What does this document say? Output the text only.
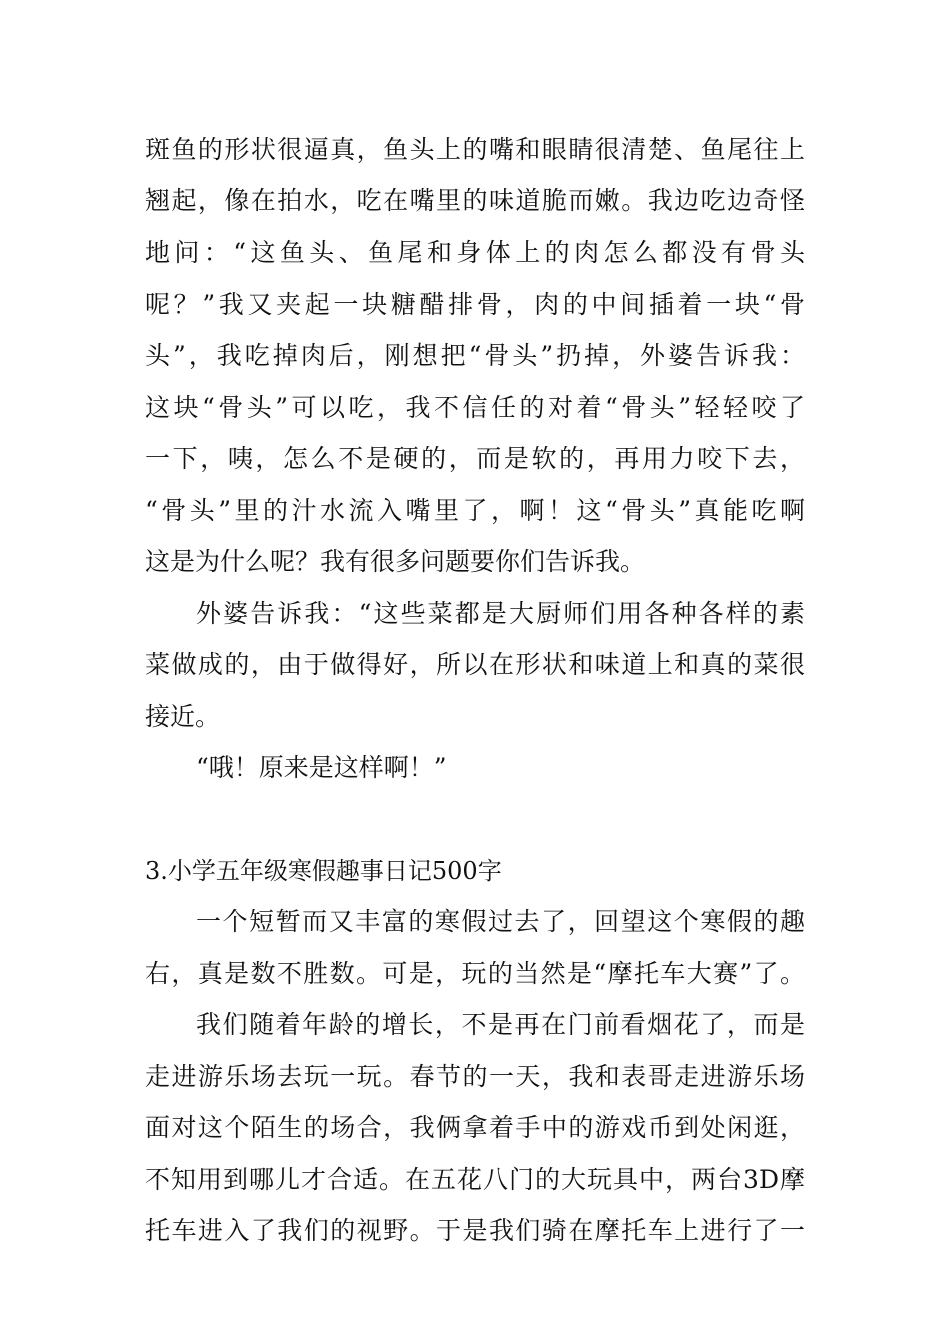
斑鱼的形状很逼真，鱼头上的嘴和眼睛很清楚、鱼尾往上
翘起，像在拍水，吃在嘴里的味道脆而嫩。我边吃边奇怪
地问：“这鱼头、鱼尾和身体上的肉怎么都没有骨头
呢？”我又夹起一块糖醋排骨，肉的中间插着一块“骨
头”，我吃掉肉后，刚想把“骨头”扔掉，外婆告诉我：
这块“骨头”可以吃，我不信任的对着“骨头”轻轻咬了
一下，咦，怎么不是硬的，而是软的，再用力咬下去，
“骨头”里的汁水流入嘴里了，啊！这“骨头”真能吃啊
这是为什么呢？我有很多问题要你们告诉我。
外婆告诉我：“这些菜都是大厨师们用各种各样的素
菜做成的，由于做得好，所以在形状和味道上和真的菜很
接近。
“哦！原来是这样啊！”
3.小学五年级寒假趣事日记500字
一个短暂而又丰富的寒假过去了，回望这个寒假的趣
右，真是数不胜数。可是，玩的当然是“摩托车大赛”了。
我们随着年龄的增长，不是再在门前看烟花了，而是
走进游乐场去玩一玩。春节的一天，我和表哥走进游乐场
面对这个陌生的场合，我俩拿着手中的游戏币到处闲逛，
不知用到哪儿才合适。在五花八门的大玩具中，两台3D摩
托车进入了我们的视野。于是我们骑在摩托车上进行了一
